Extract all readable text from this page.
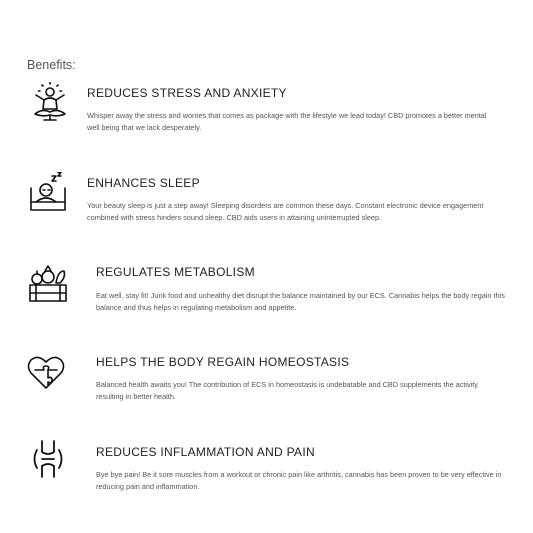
Benefits:
REDUCES STRESS AND ANXIETY
Whisper away the stress and worries that comes as package with the lifestyle we lead today! CBD promotes a better mental well being that we lack desperately.
ENHANCES SLEEP
Your beauty sleep is just a step away! Sleeping disorders are common these days. Constant electronic device engagement combined with stress hinders sound sleep. CBD aids users in attaining uninterrupted sleep.
REGULATES METABOLISM
Eat well, stay fit! Junk food and unhealthy diet disrupt the balance maintained by our ECS. Cannabis helps the body regain this balance and thus helps in regulating metabolism and appetite.
HELPS THE BODY REGAIN HOMEOSTASIS
Balanced health awaits you! The contribution of ECS in homeostasis is undebatable and CBD supplements the activity resulting in better health.
REDUCES INFLAMMATION AND PAIN
Bye bye pain! Be it sore muscles from a workout or chronic pain like arthritis, cannabis has been proven to be very effective in reducing pain and inflammation.
